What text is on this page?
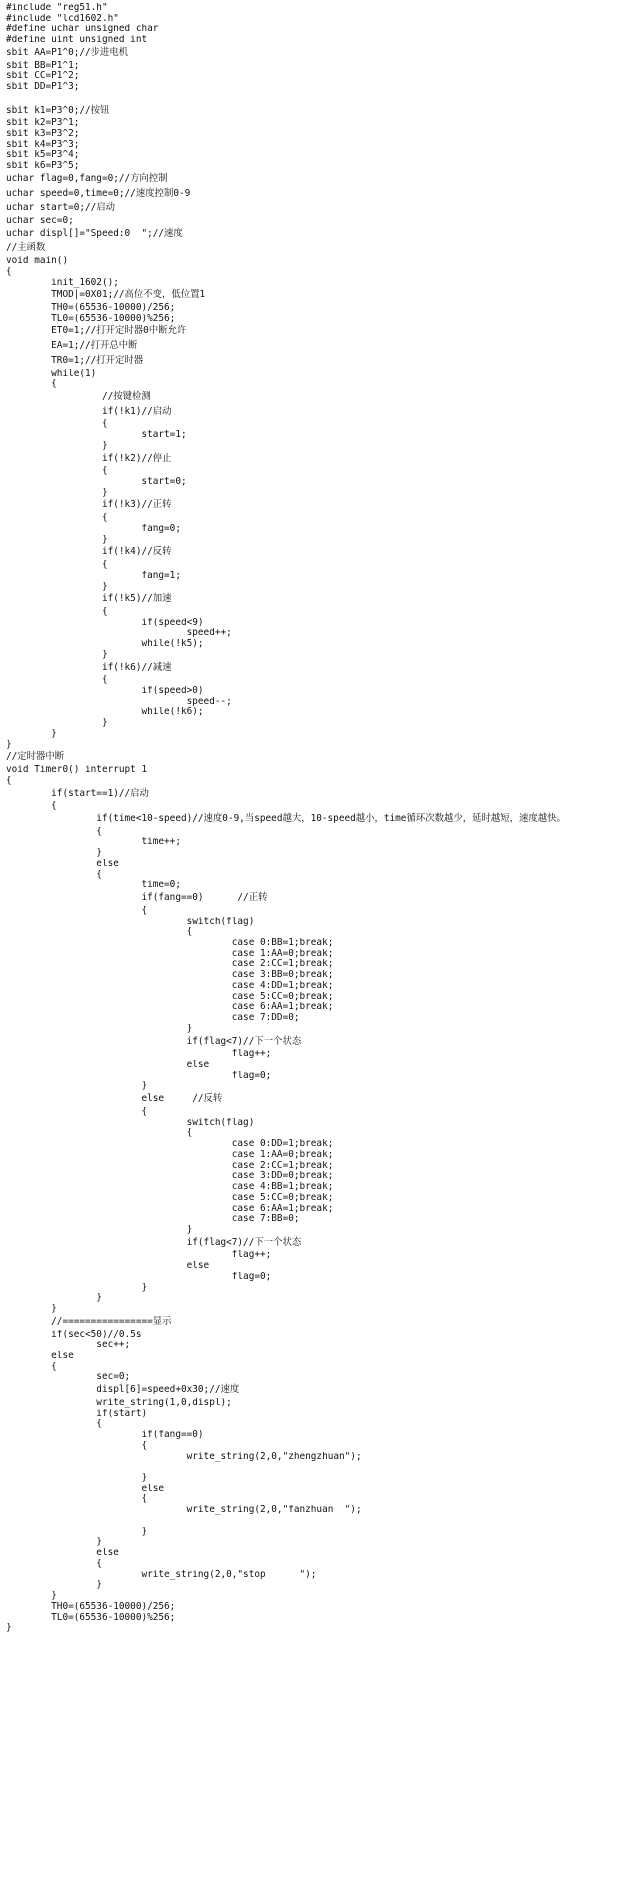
#include "reg51.h"
#include "lcd1602.h"
#define uchar unsigned char
#define uint unsigned int
sbit AA=P1^0;//步进电机
sbit BB=P1^1;
sbit CC=P1^2;
sbit DD=P1^3;
sbit k1=P3^0;//按钮
sbit k2=P3^1;
sbit k3=P3^2;
sbit k4=P3^3;
sbit k5=P3^4;
sbit k6=P3^5;
uchar flag=0,fang=0;//方向控制
uchar speed=0,time=0;//速度控制0-9
uchar start=0;//启动
uchar sec=0;
uchar displ[]="Speed:0  ";//速度
//主函数
void main()
{
init_1602();
TMOD|=0X01;//高位不变，低位置1
TH0=(65536-10000)/256;
TL0=(65536-10000)%256;
ET0=1;//打开定时器0中断允许
EA=1;//打开总中断
TR0=1;//打开定时器
while(1)
{
//按键检测
if(!k1)//启动
{
start=1;
}
if(!k2)//停止
{
start=0;
}
if(!k3)//正转
{
fang=0;
}
if(!k4)//反转
{
fang=1;
}
if(!k5)//加速
{
if(speed<9)
speed++;
while(!k5);
}
if(!k6)//减速
{
if(speed>0)
speed--;
while(!k6);
}
}
}
//定时器中断
void Timer0() interrupt 1
{
if(start==1)//启动
{
if(time<10-speed)//速度0-9,当speed越大，10-speed越小，time循环次数越少，延时越短，速度越快。
{
time++;
}
else
{
time=0;
if(fang==0)      //正转
{
switch(flag)
{
case 0:BB=1;break;
case 1:AA=0;break;
case 2:CC=1;break;
case 3:BB=0;break;
case 4:DD=1;break;
case 5:CC=0;break;
case 6:AA=1;break;
case 7:DD=0;
}
if(flag<7)//下一个状态
flag++;
else
flag=0;
}
else     //反转
{
switch(flag)
{
case 0:DD=1;break;
case 1:AA=0;break;
case 2:CC=1;break;
case 3:DD=0;break;
case 4:BB=1;break;
case 5:CC=0;break;
case 6:AA=1;break;
case 7:BB=0;
}
if(flag<7)//下一个状态
flag++;
else
flag=0;
}
}
}
//================显示
if(sec<50)//0.5s
sec++;
else
{
sec=0;
displ[6]=speed+0x30;//速度
write_string(1,0,displ);
if(start)
{
if(fang==0)
{
write_string(2,0,"zhengzhuan");
}
else
{
write_string(2,0,"fanzhuan  ");
}
}
else
{
write_string(2,0,"stop      ");
}
}
TH0=(65536-10000)/256;
TL0=(65536-10000)%256;
}
